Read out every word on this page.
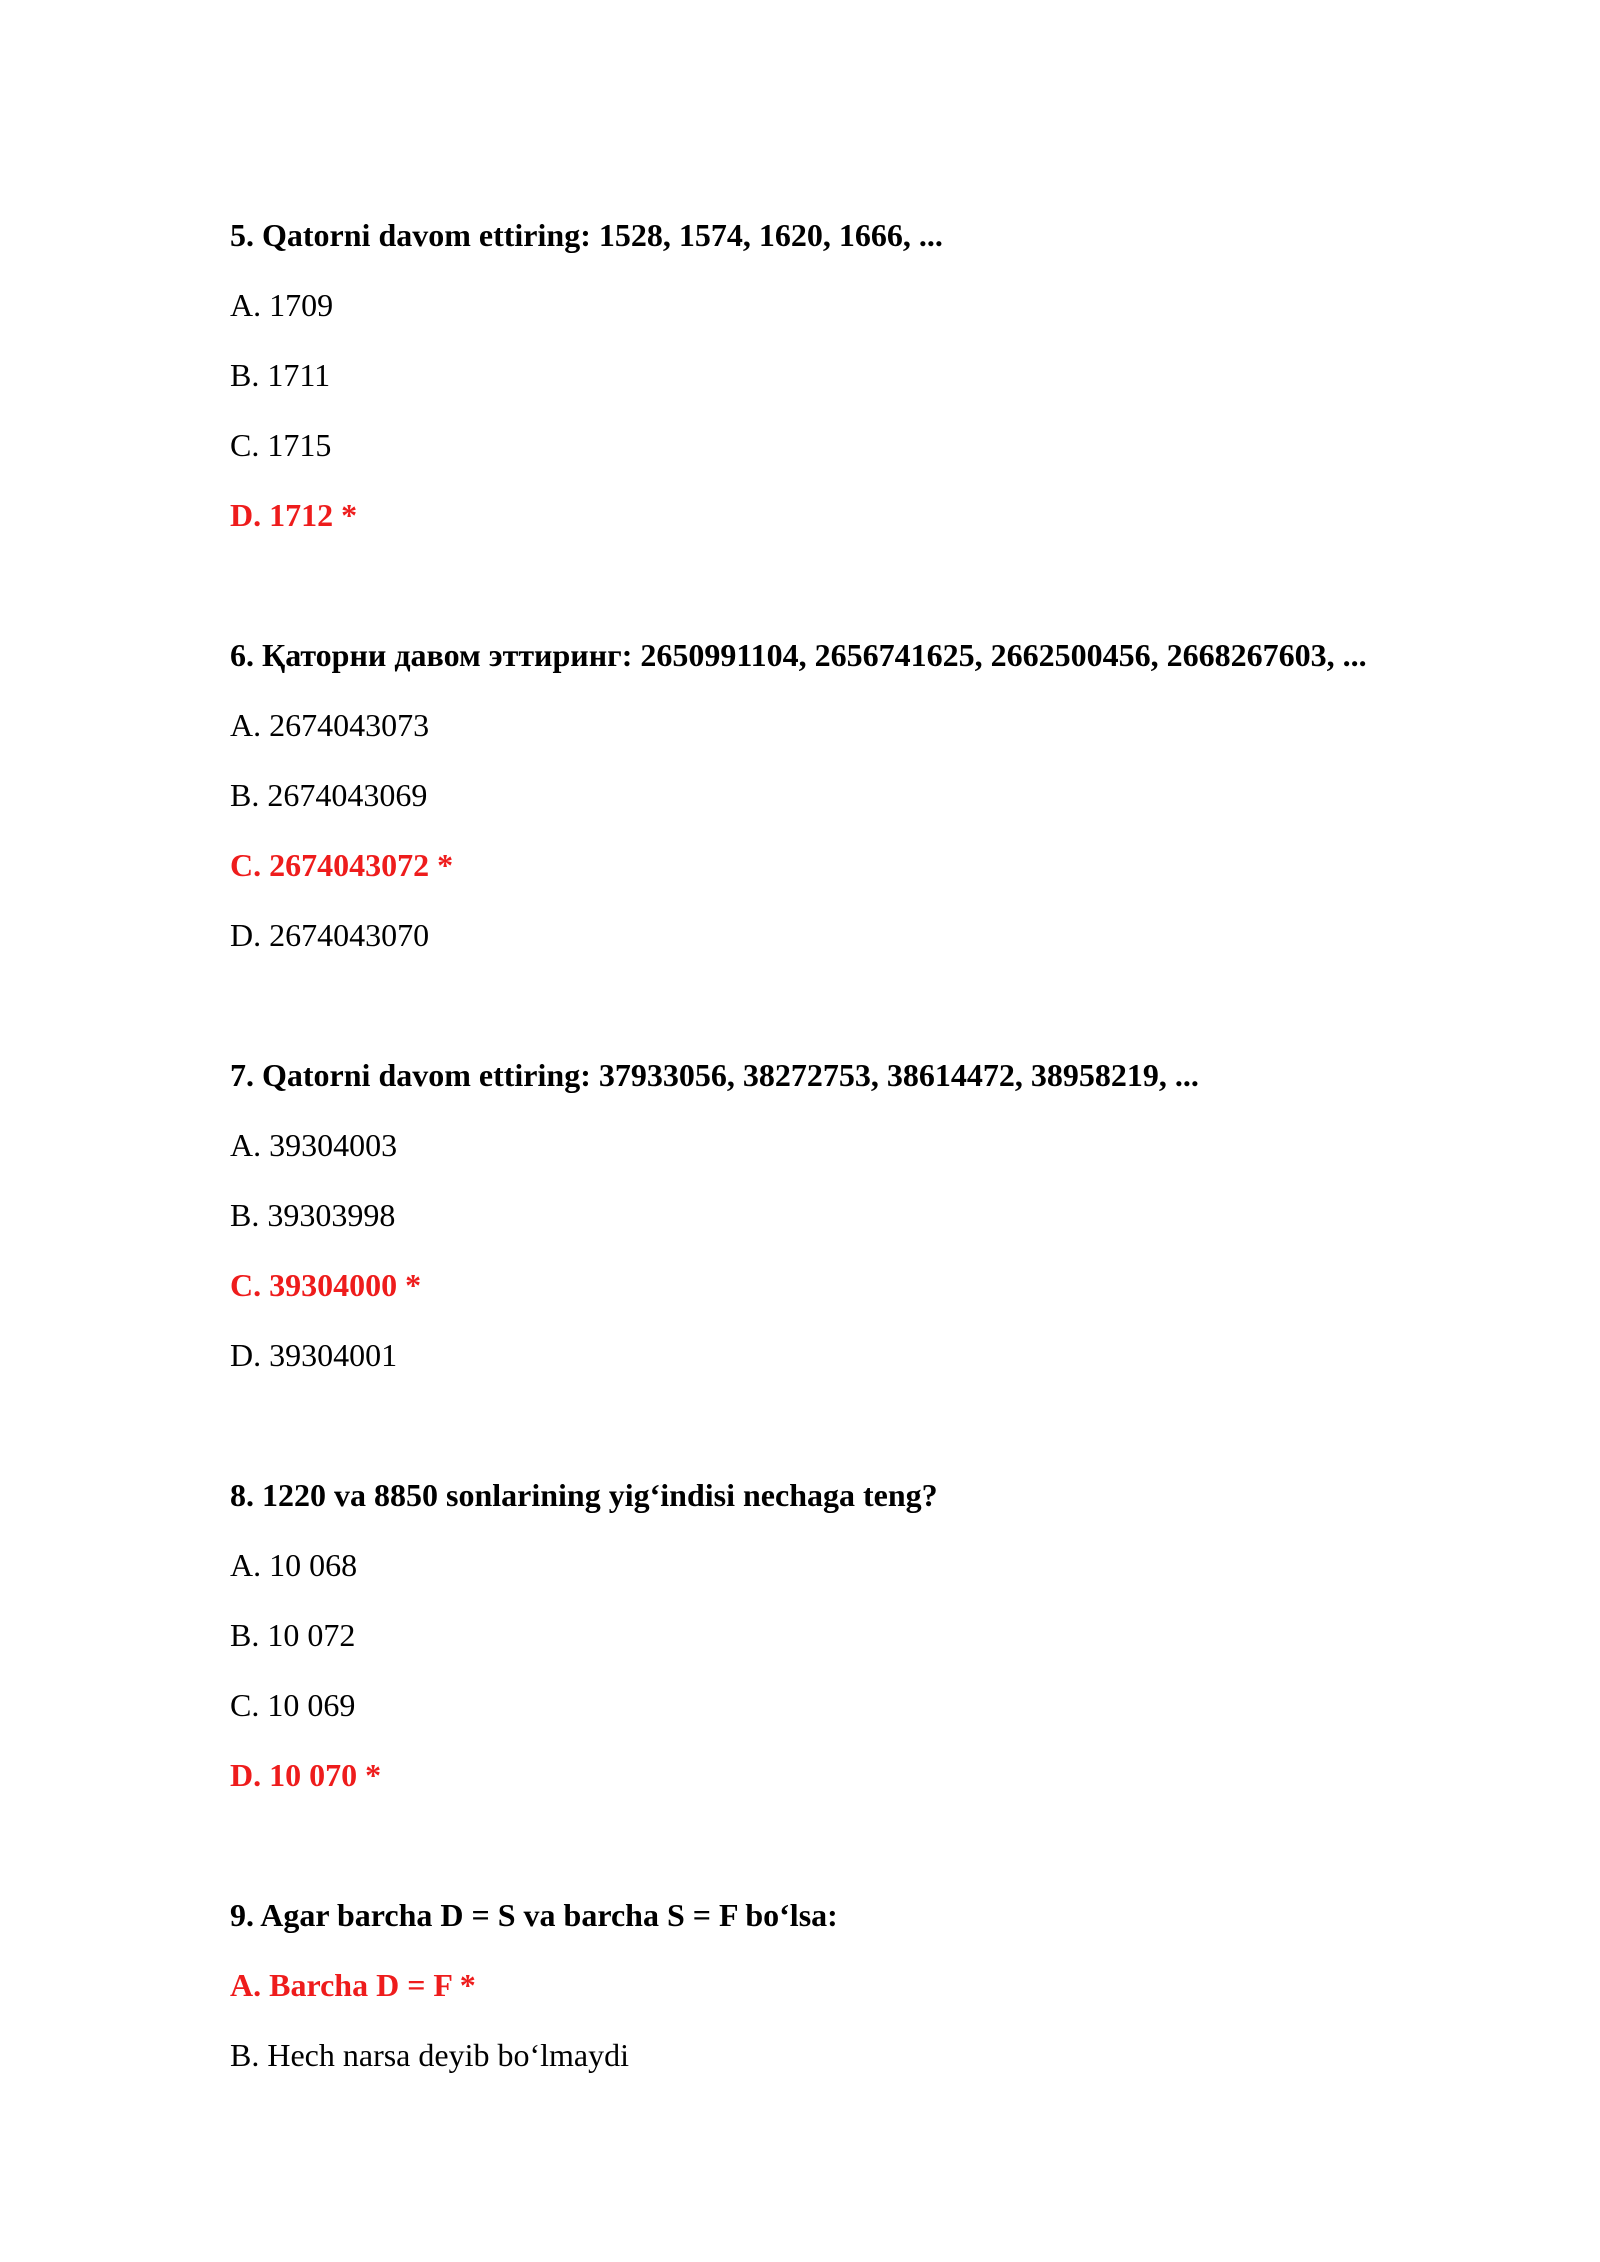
5. Qatorni davom ettiring: 1528, 1574, 1620, 1666, ...
A. 1709
B. 1711
C. 1715
D. 1712 *
6. Қаторни давом эттиринг: 2650991104, 2656741625, 2662500456, 2668267603, ...
A. 2674043073
B. 2674043069
C. 2674043072 *
D. 2674043070
7. Qatorni davom ettiring: 37933056, 38272753, 38614472, 38958219, ...
A. 39304003
B. 39303998
C. 39304000 *
D. 39304001
8. 1220 va 8850 sonlarining yig‘indisi nechaga teng?
A. 10 068
B. 10 072
C. 10 069
D. 10 070 *
9. Agar barcha D = S va barcha S = F bo‘lsa:
A. Barcha D = F *
B. Hech narsa deyib bo‘lmaydi
